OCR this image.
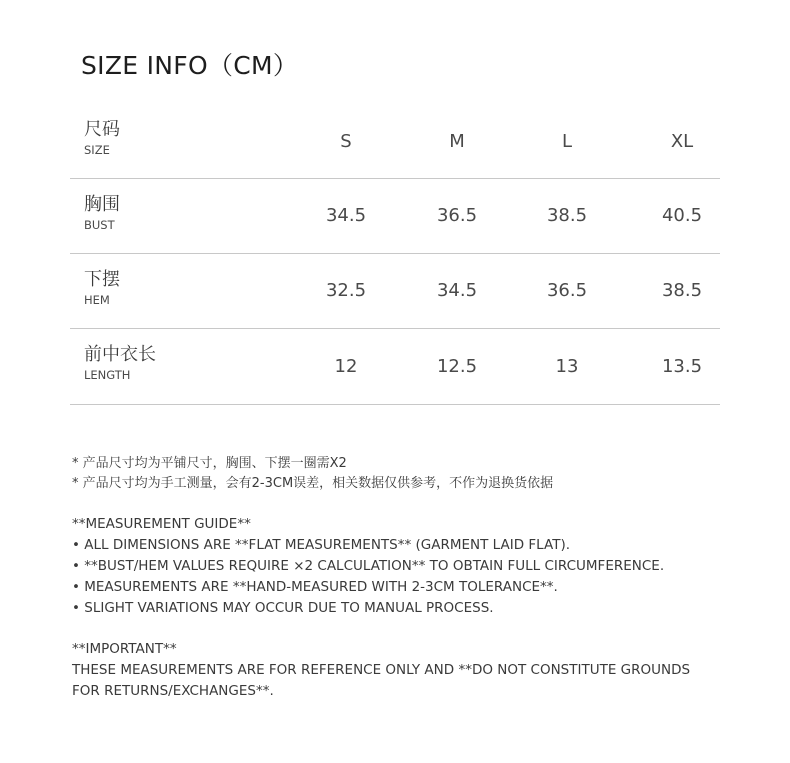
SIZE INFO（CM）
尺码
SIZE	S	M	L	XL
胸围
BUST	34.5	36.5	38.5	40.5
下摆
HEM	32.5	34.5	36.5	38.5
前中衣长
LENGTH	12	12.5	13	13.5
* 产品尺寸均为平铺尺寸，胸围、下摆一圈需X2
* 产品尺寸均为手工测量，会有2-3CM误差，相关数据仅供参考，不作为退换货依据
**MEASUREMENT GUIDE**
• ALL DIMENSIONS ARE **FLAT MEASUREMENTS** (GARMENT LAID FLAT).
• **BUST/HEM VALUES REQUIRE ×2 CALCULATION** TO OBTAIN FULL CIRCUMFERENCE.
• MEASUREMENTS ARE **HAND-MEASURED WITH 2-3CM TOLERANCE**.
• SLIGHT VARIATIONS MAY OCCUR DUE TO MANUAL PROCESS.
**IMPORTANT**
THESE MEASUREMENTS ARE FOR REFERENCE ONLY AND **DO NOT CONSTITUTE GROUNDS FOR RETURNS/EXCHANGES**.
